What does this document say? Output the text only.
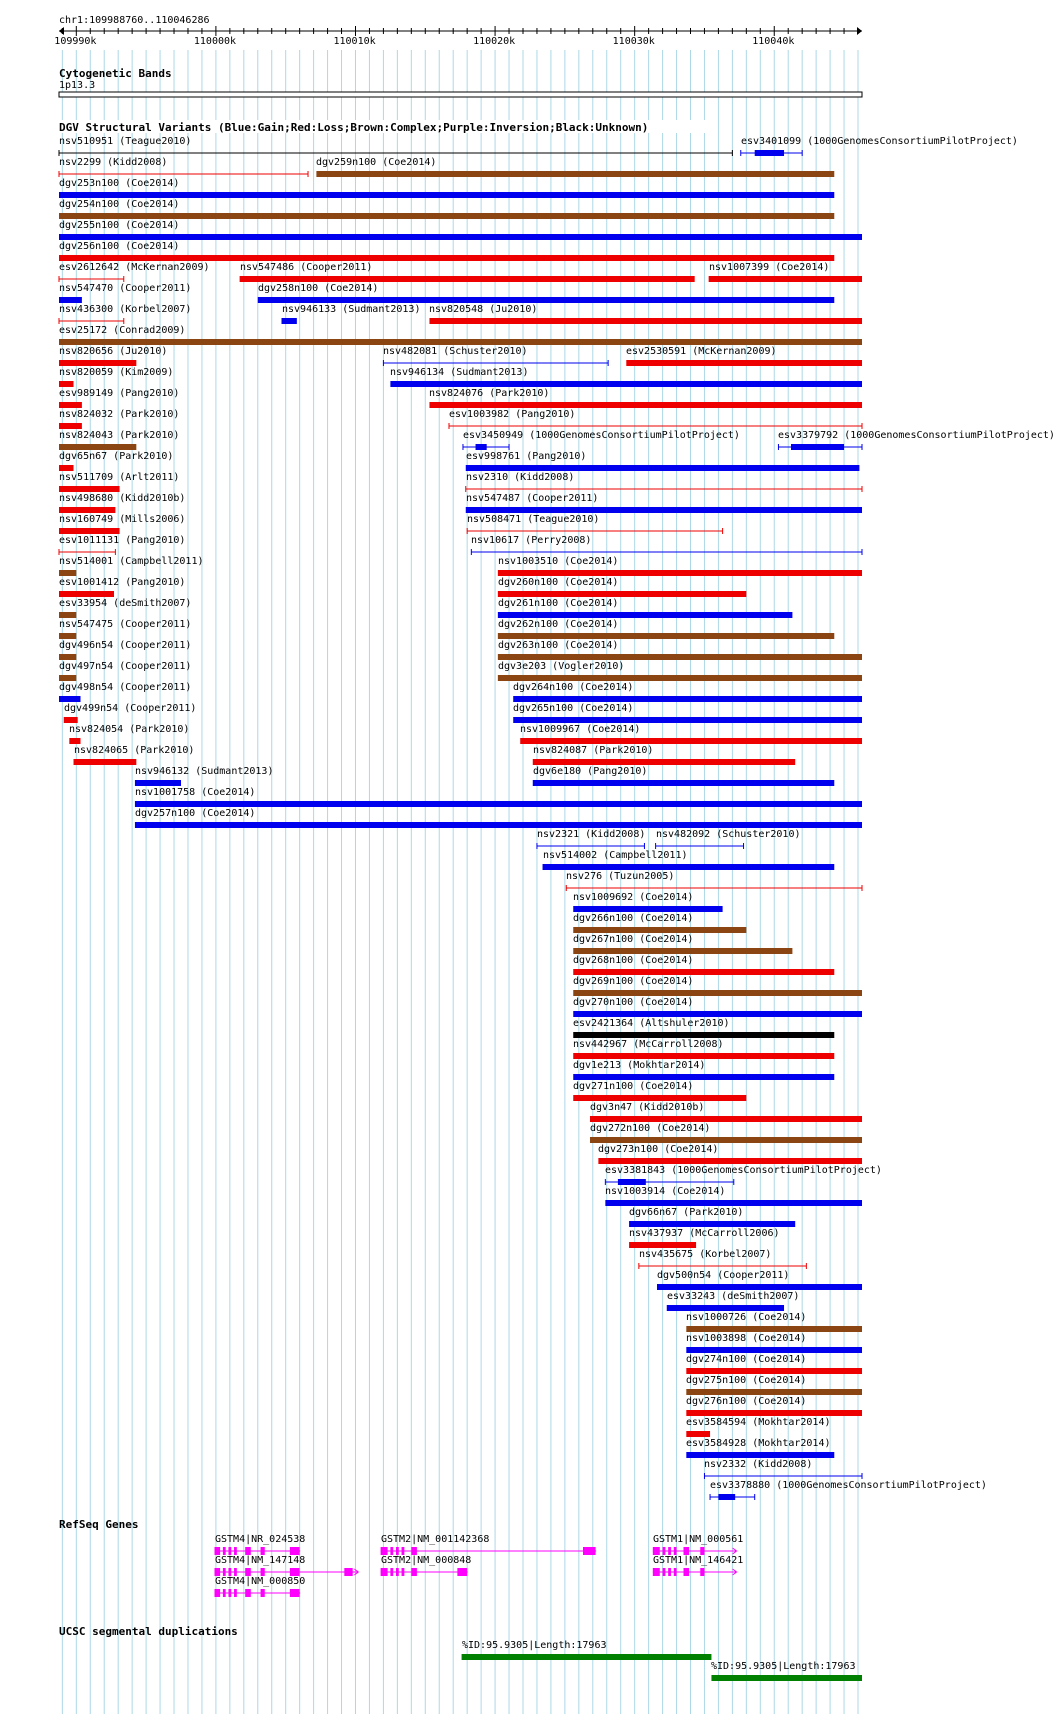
chr1:109988760..110046286
Cytogenetic Bands
1p13.3
DGV Structural Variants (Blue:Gain;Red:Loss;Brown:Complex;Purple:Inversion;Black:Unknown)
RefSeq Genes
UCSC segmental duplications
109990k	110000k	110010k	110020k	110030k	110040k
nsv510951 (Teague2010)	esv3401099 (1000GenomesConsortiumPilotProject)
nsv2299 (Kidd2008)	dgv259n100 (Coe2014)
dgv253n100 (Coe2014)
dgv254n100 (Coe2014)
dgv255n100 (Coe2014)
dgv256n100 (Coe2014)
esv2612642 (McKernan2009)	nsv547486 (Cooper2011)	nsv1007399 (Coe2014)
nsv547470 (Cooper2011)	dgv258n100 (Coe2014)
nsv436300 (Korbel2007)	nsv946133 (Sudmant2013) nsv820548 (Ju2010)
esv25172 (Conrad2009)
nsv820656 (Ju2010)	nsv482081 (Schuster2010)	esv2530591 (McKernan2009)
nsv820059 (Kim2009)	nsv946134 (Sudmant2013)
esv989149 (Pang2010)	nsv824076 (Park2010)
nsv824032 (Park2010)	esv1003982 (Pang2010)
nsv824043 (Park2010)	esv3450949 (1000GenomesConsortiumPilotProject)	esv3379792 (1000GenomesConsortiumPilotProject)
dgv65n67 (Park2010)	esv998761 (Pang2010)
nsv511709 (Arlt2011)	nsv2310 (Kidd2008)
nsv498680 (Kidd2010b)	nsv547487 (Cooper2011)
nsv160749 (Mills2006)	nsv508471 (Teague2010)
esv1011131 (Pang2010)	nsv10617 (Perry2008)
nsv514001 (Campbell2011)	nsv1003510 (Coe2014)
esv1001412 (Pang2010)	dgv260n100 (Coe2014)
esv33954 (deSmith2007)	dgv261n100 (Coe2014)
nsv547475 (Cooper2011)	dgv262n100 (Coe2014)
dgv496n54 (Cooper2011)	dgv263n100 (Coe2014)
dgv497n54 (Cooper2011)	dgv3e203 (Vogler2010)
dgv498n54 (Cooper2011)	dgv264n100 (Coe2014)
dgv499n54 (Cooper2011)	dgv265n100 (Coe2014)
nsv824054 (Park2010)	nsv1009967 (Coe2014)
nsv824065 (Park2010)	nsv824087 (Park2010)
nsv946132 (Sudmant2013)	dgv6e180 (Pang2010)
nsv1001758 (Coe2014)
dgv257n100 (Coe2014)
nsv2321 (Kidd2008) nsv482092 (Schuster2010)
nsv514002 (Campbell2011)
nsv276 (Tuzun2005)
nsv1009692 (Coe2014)
dgv266n100 (Coe2014)
dgv267n100 (Coe2014)
dgv268n100 (Coe2014)
dgv269n100 (Coe2014)
dgv270n100 (Coe2014)
esv2421364 (Altshuler2010)
nsv442967 (McCarroll2008)
dgv1e213 (Mokhtar2014)
dgv271n100 (Coe2014)
dgv3n47 (Kidd2010b)
dgv272n100 (Coe2014)
dgv273n100 (Coe2014)
esv3381843 (1000GenomesConsortiumPilotProject)
nsv1003914 (Coe2014)
dgv66n67 (Park2010)
nsv437937 (McCarroll2006)
nsv435675 (Korbel2007)
dgv500n54 (Cooper2011)
esv33243 (deSmith2007)
nsv1000726 (Coe2014)
nsv1003898 (Coe2014)
dgv274n100 (Coe2014)
dgv275n100 (Coe2014)
dgv276n100 (Coe2014)
esv3584594 (Mokhtar2014)
esv3584928 (Mokhtar2014)
nsv2332 (Kidd2008)
esv3378880 (1000GenomesConsortiumPilotProject)
GSTM4|NR_024538
GSTM4|NM_147148
GSTM4|NM_000850
GSTM2|NM_001142368
GSTM2|NM_000848
GSTM1|NM_000561
GSTM1|NM_146421
%ID:95.9305|Length:17963
%ID:95.9305|Length:17963
